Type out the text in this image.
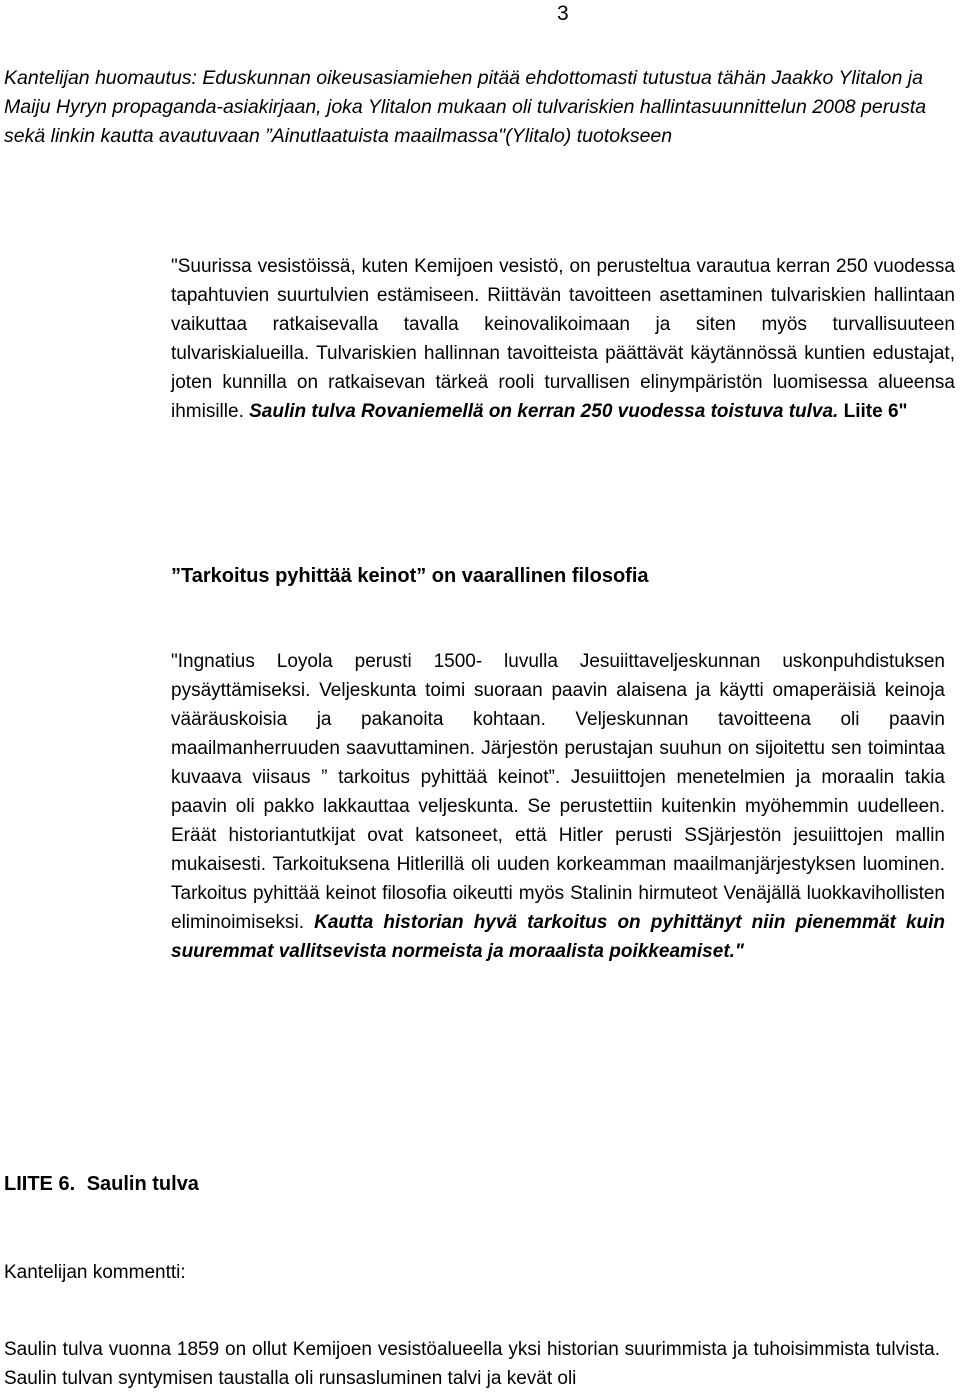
3
Kantelijan huomautus: Eduskunnan oikeusasiamiehen pitää ehdottomasti tutustua tähän Jaakko Ylitalon ja Maiju Hyryn propaganda-asiakirjaan, joka Ylitalon mukaan oli tulvariskien hallintasuunnittelun 2008 perusta sekä linkin kautta avautuvaan ”Ainutlaatuista maailmassa"(Ylitalo) tuotokseen
"Suurissa vesistöissä, kuten Kemijoen vesistö, on perusteltua varautua kerran 250 vuodessa tapahtuvien suurtulvien estämiseen. Riittävän tavoitteen asettaminen tulvariskien hallintaan vaikuttaa ratkaisevalla tavalla keinovalikoimaan ja siten myös turvallisuuteen tulvariskialueilla. Tulvariskien hallinnan tavoitteista päättävät käytännössä kuntien edustajat, joten kunnilla on ratkaisevan tärkeä rooli turvallisen elinympäristön luomisessa alueensa ihmisille. Saulin tulva Rovaniemellä on kerran 250 vuodessa toistuva tulva. Liite 6"
”Tarkoitus pyhittää keinot” on vaarallinen filosofia
"Ingnatius Loyola perusti 1500- luvulla Jesuiittaveljeskunnan uskonpuhdistuksen pysäyttämiseksi. Veljeskunta toimi suoraan paavin alaisena ja käytti omaperäisiä keinoja vääräuskoisia ja pakanoita kohtaan. Veljeskunnan tavoitteena oli paavin maailmanherruuden saavuttaminen. Järjestön perustajan suuhun on sijoitettu sen toimintaa kuvaava viisaus ” tarkoitus pyhittää keinot”. Jesuiittojen menetelmien ja moraalin takia paavin oli pakko lakkauttaa veljeskunta. Se perustettiin kuitenkin myöhemmin uudelleen. Eräät historiantutkijat ovat katsoneet, että Hitler perusti SSjärjestön jesuiittojen mallin mukaisesti. Tarkoituksena Hitlerillä oli uuden korkeamman maailmanjärjestyksen luominen. Tarkoitus pyhittää keinot filosofia oikeutti myös Stalinin hirmuteot Venäjällä luokkavihollisten eliminoimiseksi. Kautta historian hyvä tarkoitus on pyhittänyt niin pienemmät kuin suuremmat vallitsevista normeista ja moraalista poikkeamiset."
LIITE 6. Saulin tulva
Kantelijan kommentti:
Saulin tulva vuonna 1859 on ollut Kemijoen vesistöalueella yksi historian suurimmista ja tuhoisimmista tulvista. Saulin tulvan syntymisen taustalla oli runsasluminen talvi ja kevät oli
